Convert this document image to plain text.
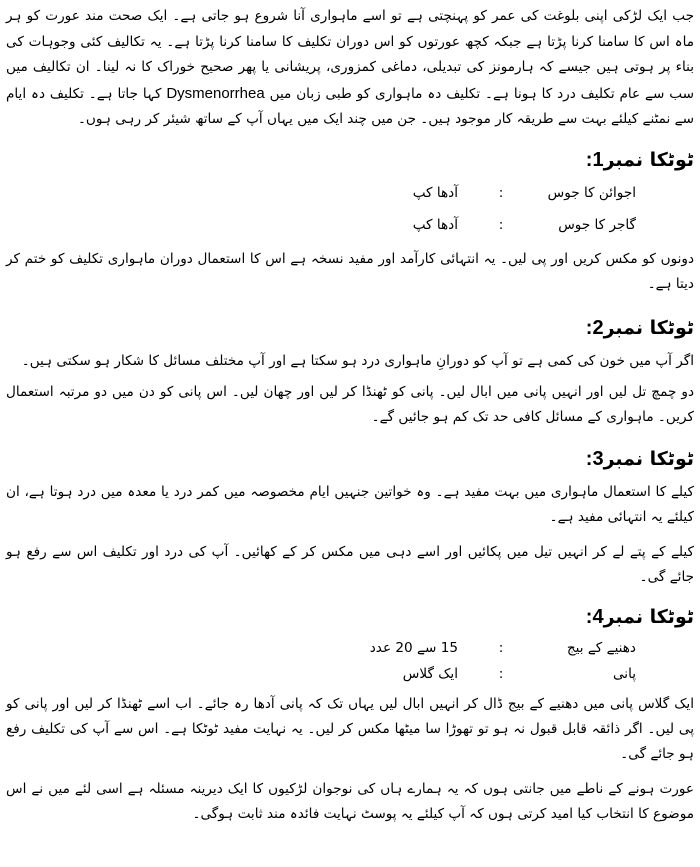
جب ایک لڑکی اپنی بلوغت کی عمر کو پہنچتی ہے تو اسے ماہواری آنا شروع ہو جاتی ہے۔ ایک صحت مند عورت کو ہر ماہ اس کا سامنا کرنا پڑتا ہے جبکہ کچھ عورتوں کو اس دوران تکلیف کا سامنا کرنا پڑتا ہے۔ یہ تکالیف کئی وجوہات کی بناء پر ہوتی ہیں جیسے کہ ہارمونز کی تبدیلی، دماغی کمزوری، پریشانی یا پھر صحیح خوراک کا نہ لینا۔ ان تکالیف میں سب سے عام تکلیف درد کا ہونا ہے۔ تکلیف دہ ماہواری کو طبی زبان میں Dysmenorrhea کہا جاتا ہے۔ تکلیف دہ ایام سے نمٹنے کیلئے بہت سے طریقہ کار موجود ہیں۔ جن میں چند ایک میں یہاں آپ کے ساتھ شیئر کر رہی ہوں۔

ٹوٹکا نمبر1:
اجوائن کا جوس
:
آدھا کپ
گاجر کا جوس
:
آدھا کپ

دونوں کو مکس کریں اور پی لیں۔ یہ انتہائی کارآمد اور مفید نسخہ ہے اس کا استعمال دوران ماہواری تکلیف کو ختم کر دیتا ہے۔

ٹوٹکا نمبر2:

اگر آپ میں خون کی کمی ہے تو آپ کو دورانِ ماہواری درد ہو سکتا ہے اور آپ مختلف مسائل کا شکار ہو سکتی ہیں۔

دو چمچ تل لیں اور انہیں پانی میں ابال لیں۔ پانی کو ٹھنڈا کر لیں اور چھان لیں۔ اس پانی کو دن میں دو مرتبہ استعمال کریں۔ ماہواری کے مسائل کافی حد تک کم ہو جائیں گے۔

ٹوٹکا نمبر3:

کیلے کا استعمال ماہواری میں بہت مفید ہے۔ وہ خواتین جنہیں ایام مخصوصہ میں کمر درد یا معدہ میں درد ہوتا ہے، ان کیلئے یہ انتہائی مفید ہے۔

کیلے کے پتے لے کر انہیں تیل میں پکائیں اور اسے دہی میں مکس کر کے کھائیں۔ آپ کی درد اور تکلیف اس سے رفع ہو جائے گی۔

ٹوٹکا نمبر4:
دھنیے کے بیج
:
15 سے 20 عدد
پانی
:
ایک گلاس

ایک گلاس پانی میں دھنیے کے بیج ڈال کر انہیں ابال لیں یہاں تک کہ پانی آدھا رہ جائے۔ اب اسے ٹھنڈا کر لیں اور پانی کو پی لیں۔ اگر ذائقہ قابل قبول نہ ہو تو تھوڑا سا میٹھا مکس کر لیں۔ یہ نہایت مفید ٹوٹکا ہے۔ اس سے آپ کی تکلیف رفع ہو جائے گی۔

عورت ہونے کے ناطے میں جانتی ہوں کہ یہ ہمارے ہاں کی نوجوان لڑکیوں کا ایک دیرینہ مسئلہ ہے اسی لئے میں نے اس موضوع کا انتخاب کیا امید کرتی ہوں کہ آپ کیلئے یہ پوسٹ نہایت فائدہ مند ثابت ہوگی۔
